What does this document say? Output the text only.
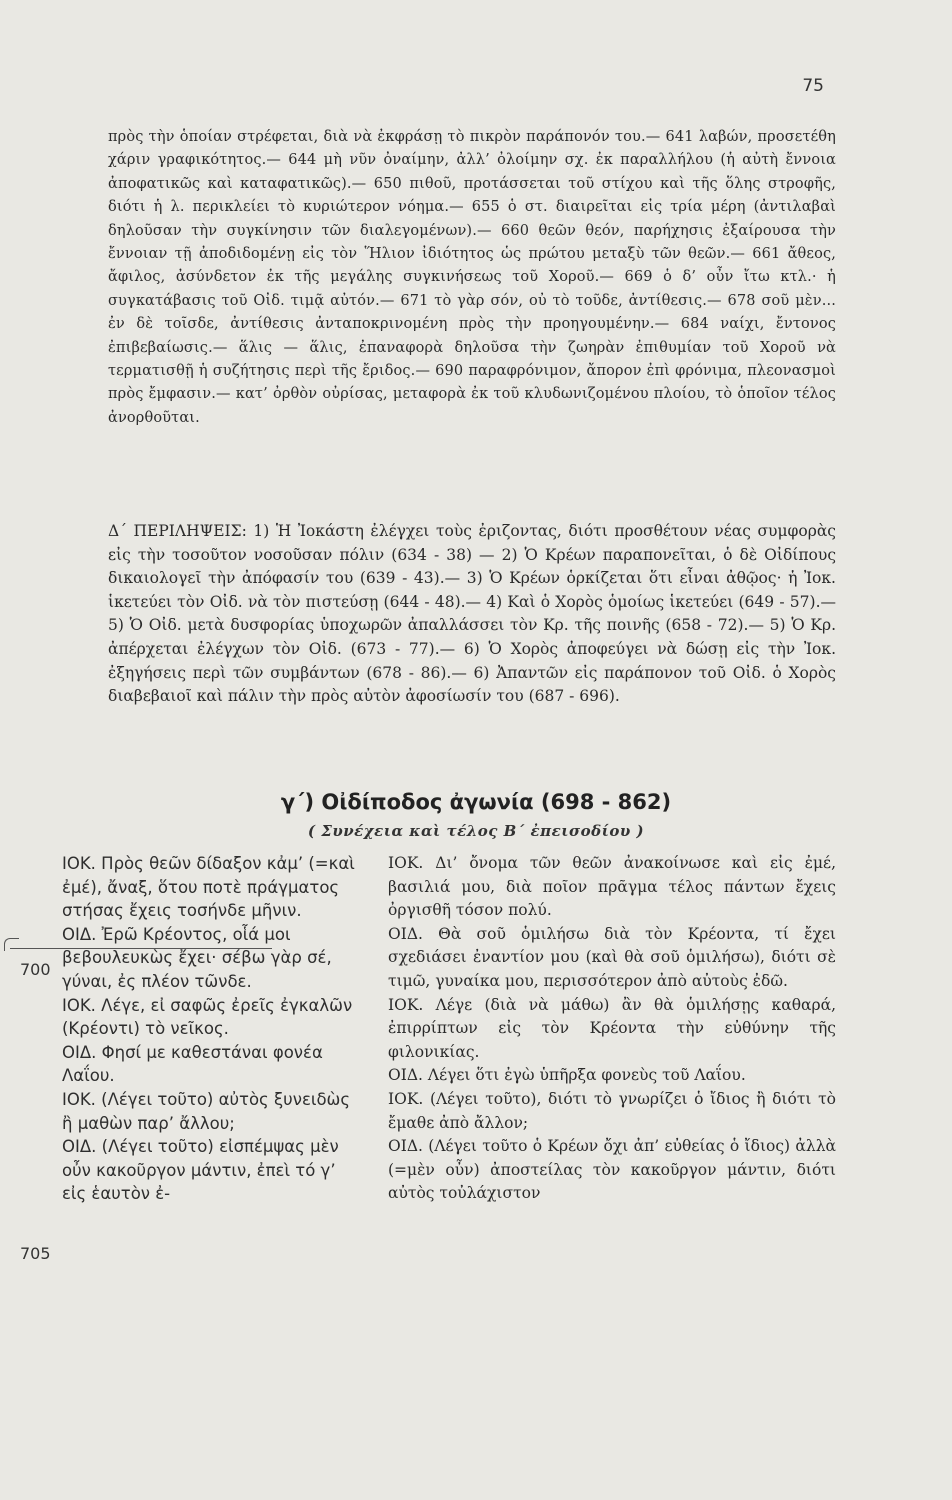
75
πρὸς τὴν ὁποίαν στρέφεται, διὰ νὰ ἐκφράσῃ τὸ πικρὸν παράπονόν του.— 641 λαβών, προσετέθη χάριν γραφικότητος.— 644 μὴ νῦν ὀναίμην, ἀλλ’ ὀλοίμην σχ. ἐκ παραλλήλου (ἡ αὐτὴ ἔννοια ἀποφατικῶς καὶ καταφατικῶς).— 650 πιθοῦ, προτάσσεται τοῦ στίχου καὶ τῆς ὅλης στροφῆς, διότι ἡ λ. περικλείει τὸ κυριώτερον νόημα.— 655 ὁ στ. διαιρεῖται εἰς τρία μέρη (ἀντιλαβαὶ δηλοῦσαν τὴν συγκίνησιν τῶν διαλεγομένων).— 660 θεῶν θεόν, παρήχησις ἐξαίρουσα τὴν ἔννοιαν τῇ ἀποδιδομένῃ εἰς τὸν Ἥλιον ἰδιότητος ὡς πρώτου μεταξὺ τῶν θεῶν.— 661 ἄθεος, ἄφιλος, ἀσύνδετον ἐκ τῆς μεγάλης συγκινήσεως τοῦ Χοροῦ.— 669 ὁ δ’ οὖν ἴτω κτλ.· ἡ συγκατάβασις τοῦ Οἰδ. τιμᾷ αὐτόν.— 671 τὸ γὰρ σόν, οὐ τὸ τοῦδε, ἀντίθεσις.— 678 σοῦ μὲν... ἐν δὲ τοῖσδε, ἀντίθεσις ἀνταποκρινομένη πρὸς τὴν προηγουμένην.— 684 ναίχι, ἔντονος ἐπιβεβαίωσις.— ἅλις — ἅλις, ἐπαναφορὰ δηλοῦσα τὴν ζωηρὰν ἐπιθυμίαν τοῦ Χοροῦ νὰ τερματισθῇ ἡ συζήτησις περὶ τῆς ἔριδος.— 690 παραφρόνιμον, ἄπορον ἐπὶ φρόνιμα, πλεονασμοὶ πρὸς ἔμφασιν.— κατ’ ὀρθὸν οὐρίσας, μεταφορὰ ἐκ τοῦ κλυδωνιζομένου πλοίου, τὸ ὁποῖον τέλος ἀνορθοῦται.
Δ΄ ΠΕΡΙΛΗΨΕΙΣ: 1) Ἡ Ἰοκάστη ἐλέγχει τοὺς ἐριζοντας, διότι προσθέτουν νέας συμφορὰς εἰς τὴν τοσοῦτον νοσοῦσαν πόλιν (634 - 38) — 2) Ὁ Κρέων παραπονεῖται, ὁ δὲ Οἰδίπους δικαιολογεῖ τὴν ἀπόφασίν του (639 - 43).— 3) Ὁ Κρέων ὁρκίζεται ὅτι εἶναι ἀθῷος· ἡ Ἰοκ. ἱκετεύει τὸν Οἰδ. νὰ τὸν πιστεύσῃ (644 - 48).— 4) Καὶ ὁ Χορὸς ὁμοίως ἱκετεύει (649 - 57).—5) Ὁ Οἰδ. μετὰ δυσφορίας ὑποχωρῶν ἀπαλλάσσει τὸν Κρ. τῆς ποινῆς (658 - 72).— 5) Ὁ Κρ. ἀπέρχεται ἐλέγχων τὸν Οἰδ. (673 - 77).— 6) Ὁ Χορὸς ἀποφεύγει νὰ δώσῃ εἰς τὴν Ἰοκ. ἐξηγήσεις περὶ τῶν συμβάντων (678 - 86).— 6) Ἀπαντῶν εἰς παράπονον τοῦ Οἰδ. ὁ Χορὸς διαβεβαιοῖ καὶ πάλιν τὴν πρὸς αὐτὸν ἀφοσίωσίν του (687 - 696).
γ΄) Οἰδίποδος ἀγωνία (698 - 862)
( Συνέχεια καὶ τέλος Β΄ ἐπεισοδίου )
700
705
ΙΟΚ. Πρὸς θεῶν δίδαξον κἀμ’ (=καὶ ἐμέ), ἄναξ, ὅτου ποτὲ πράγματος στήσας ἔχεις τοσήνδε μῆνιν.
ΟΙΔ. Ἐρῶ Κρέοντος, οἷά μοι βεβουλευκὼς ἔχει· σέβω γὰρ σέ, γύναι, ἐς πλέον τῶνδε.
ΙΟΚ. Λέγε, εἰ σαφῶς ἐρεῖς ἐγκαλῶν (Κρέοντι) τὸ νεῖκος.
ΟΙΔ. Φησί με καθεστάναι φονέα Λαΐου.
ΙΟΚ. (Λέγει τοῦτο) αὐτὸς ξυνειδὼς ἢ μαθὼν παρ’ ἄλλου;
ΟΙΔ. (Λέγει τοῦτο) εἰσπέμψας μὲν οὖν κακοῦργον μάντιν, ἐπεὶ τό γ’ εἰς ἑαυτὸν ἐ-
ΙΟΚ. Δι’ ὄνομα τῶν θεῶν ἀνακοίνωσε καὶ εἰς ἐμέ, βασιλιά μου, διὰ ποῖον πρᾶγμα τέλος πάντων ἔχεις ὀργισθῆ τόσον πολύ.
ΟΙΔ. Θὰ σοῦ ὁμιλήσω διὰ τὸν Κρέοντα, τί ἔχει σχεδιάσει ἐναντίον μου (καὶ θὰ σοῦ ὁμιλήσω), διότι σὲ τιμῶ, γυναίκα μου, περισσότερον ἀπὸ αὐτοὺς ἐδῶ.
ΙΟΚ. Λέγε (διὰ νὰ μάθω) ἂν θὰ ὁμιλήσῃς καθαρά, ἐπιρρίπτων εἰς τὸν Κρέοντα τὴν εὐθύνην τῆς φιλονικίας.
ΟΙΔ. Λέγει ὅτι ἐγὼ ὑπῆρξα φονεὺς τοῦ Λαΐου.
ΙΟΚ. (Λέγει τοῦτο), διότι τὸ γνωρίζει ὁ ἴδιος ἢ διότι τὸ ἔμαθε ἀπὸ ἄλλον;
ΟΙΔ. (Λέγει τοῦτο ὁ Κρέων ὄχι ἀπ’ εὐθείας ὁ ἴδιος) ἀλλὰ (=μὲν οὖν) ἀποστείλας τὸν κακοῦργον μάντιν, διότι αὐτὸς τοὐλάχιστον
